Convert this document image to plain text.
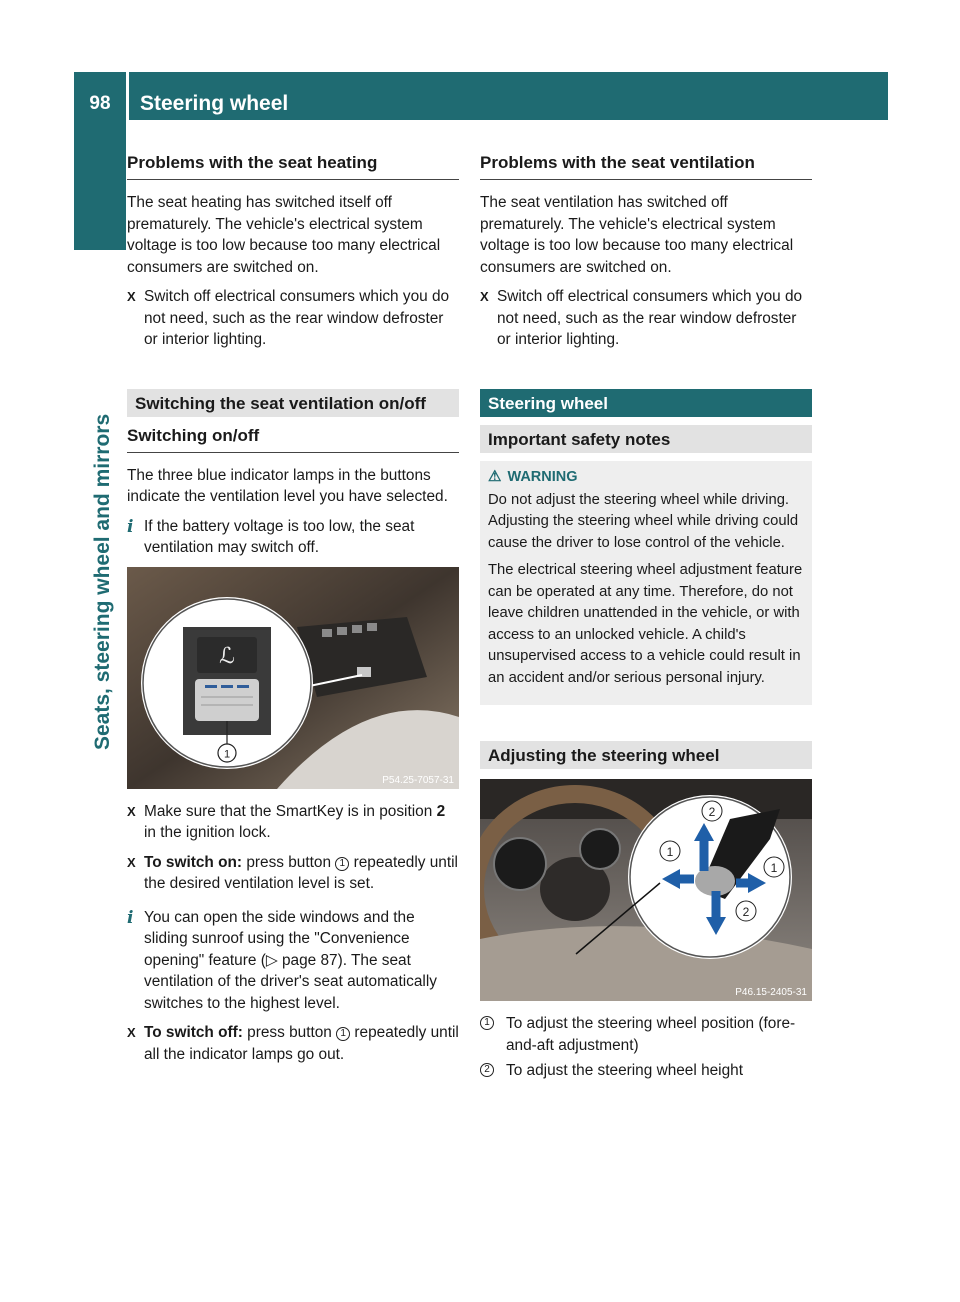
98	Steering wheel
Seats, steering wheel and mirrors
Problems with the seat heating

The seat heating has switched itself off prematurely. The vehicle's electrical system voltage is too low because too many electrical consumers are switched on.

X Switch off electrical consumers which you do not need, such as the rear window defroster or interior lighting.
Switching the seat ventilation on/off
Switching on/off

The three blue indicator lamps in the buttons indicate the ventilation level you have selected.

i If the battery voltage is too low, the seat ventilation may switch off.
ℒ
1
P54.25-7057-31
X Make sure that the SmartKey is in position 2 in the ignition lock.
X To switch on: press button 1 repeatedly until the desired ventilation level is set.
i You can open the side windows and the sliding sunroof using the "Convenience opening" feature (▷ page 87). The seat ventilation of the driver's seat automatically switches to the highest level.
X To switch off: press button 1 repeatedly until all the indicator lamps go out.
Problems with the seat ventilation

The seat ventilation has switched off prematurely. The vehicle's electrical system voltage is too low because too many electrical consumers are switched on.

X Switch off electrical consumers which you do not need, such as the rear window defroster or interior lighting.
Steering wheel
Important safety notes
⚠ WARNING

Do not adjust the steering wheel while driving. Adjusting the steering wheel while driving could cause the driver to lose control of the vehicle.

The electrical steering wheel adjustment feature can be operated at any time. Therefore, do not leave children unattended in the vehicle, or with access to an unlocked vehicle. A child's unsupervised access to a vehicle could result in an accident and/or serious personal injury.

Adjusting the steering wheel
2
1
1
2
P46.15-2405-31
1 To adjust the steering wheel position (fore-and-aft adjustment)
2 To adjust the steering wheel height
